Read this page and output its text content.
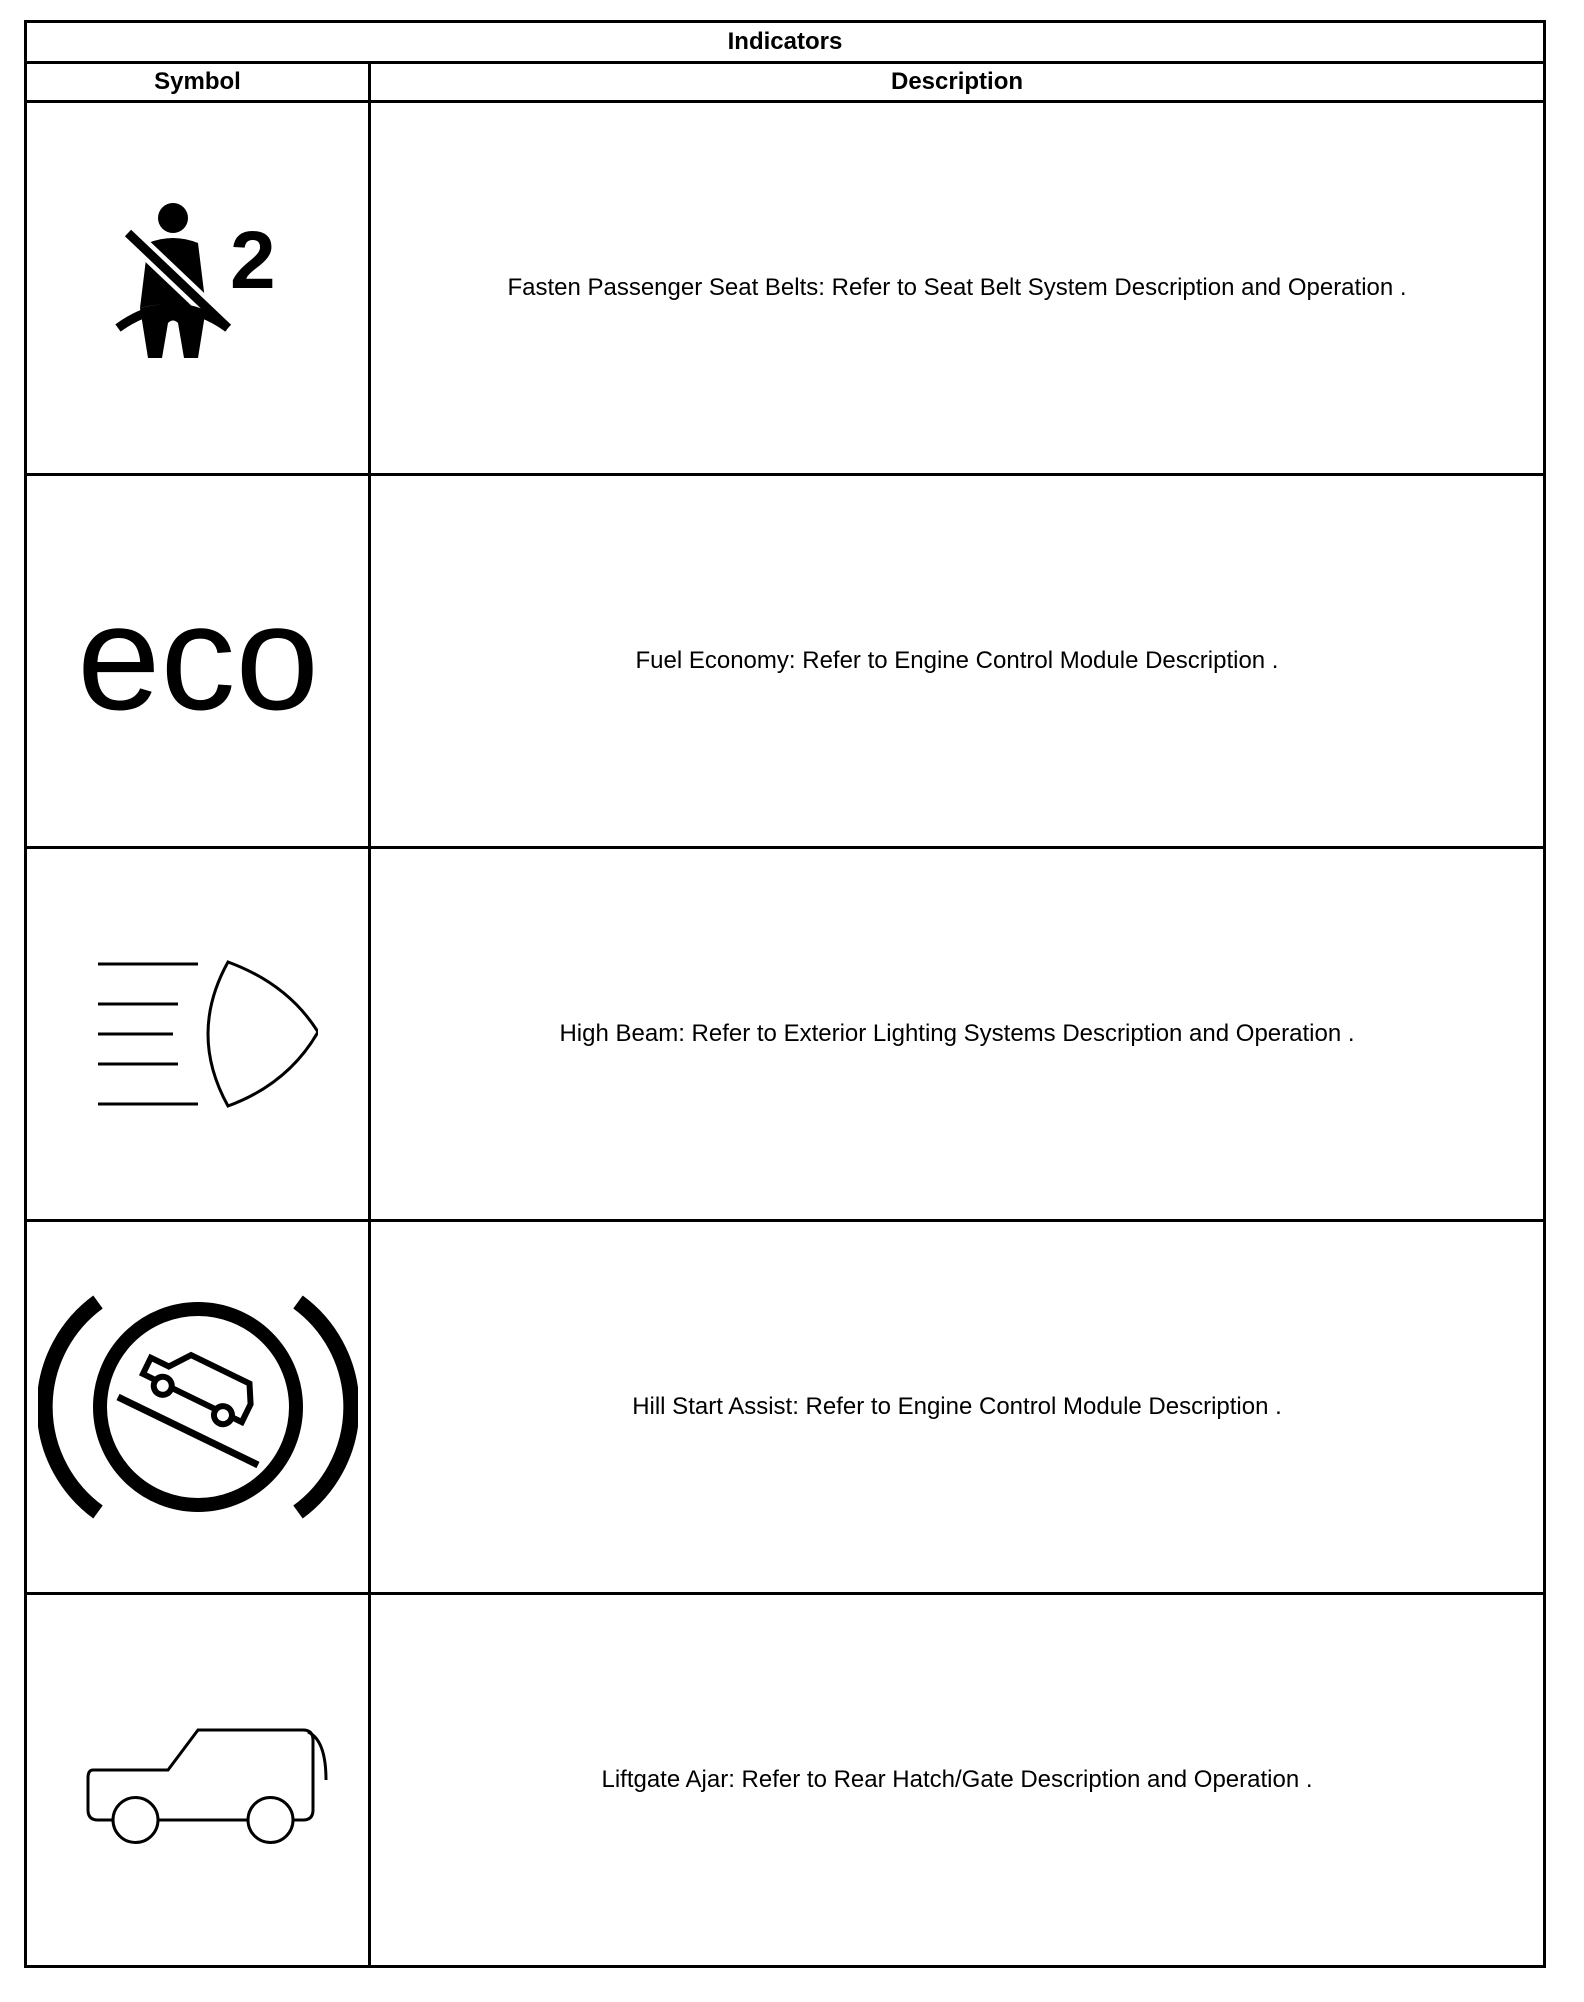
Indicators	
Symbol	Description

2	Fasten Passenger Seat Belts: Refer to Seat Belt System Description and Operation .

eco	Fuel Economy: Refer to Engine Control Module Description .

	High Beam: Refer to Exterior Lighting Systems Description and Operation .

	Hill Start Assist: Refer to Engine Control Module Description .

	Liftgate Ajar: Refer to Rear Hatch/Gate Description and Operation .
